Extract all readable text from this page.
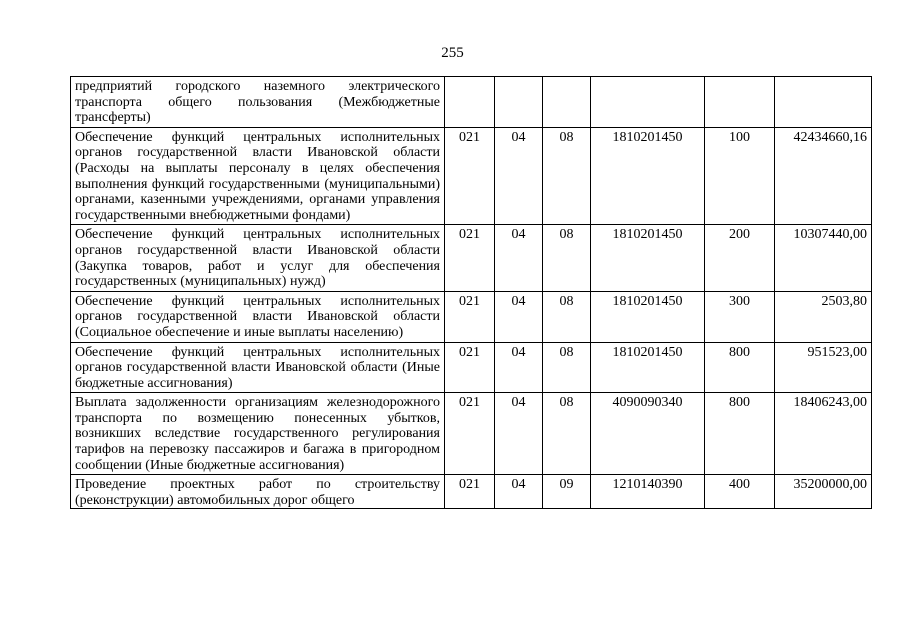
255
предприятий городского наземного электрического транспорта общего пользования (Межбюджетные трансферты)						
Обеспечение функций центральных исполнительных органов государственной власти Ивановской области (Расходы на выплаты персоналу в целях обеспечения выполнения функций государственными (муниципальными) органами, казенными учреждениями, органами управления государственными внебюджетными фондами)	021	04	08	1810201450	100	42434660,16
Обеспечение функций центральных исполнительных органов государственной власти Ивановской области (Закупка товаров, работ и услуг для обеспечения государственных (муниципальных) нужд)	021	04	08	1810201450	200	10307440,00
Обеспечение функций центральных исполнительных органов государственной власти Ивановской области (Социальное обеспечение и иные выплаты населению)	021	04	08	1810201450	300	2503,80
Обеспечение функций центральных исполнительных органов государственной власти Ивановской области (Иные бюджетные ассигнования)	021	04	08	1810201450	800	951523,00
Выплата задолженности организациям железнодорожного транспорта по возмещению понесенных убытков, возникших вследствие государственного регулирования тарифов на перевозку пассажиров и багажа в пригородном сообщении (Иные бюджетные ассигнования)	021	04	08	4090090340	800	18406243,00

Проведение проектных работ по строительству (реконструкции) автомобильных дорог общего	021	04	09	1210140390	400	35200000,00
